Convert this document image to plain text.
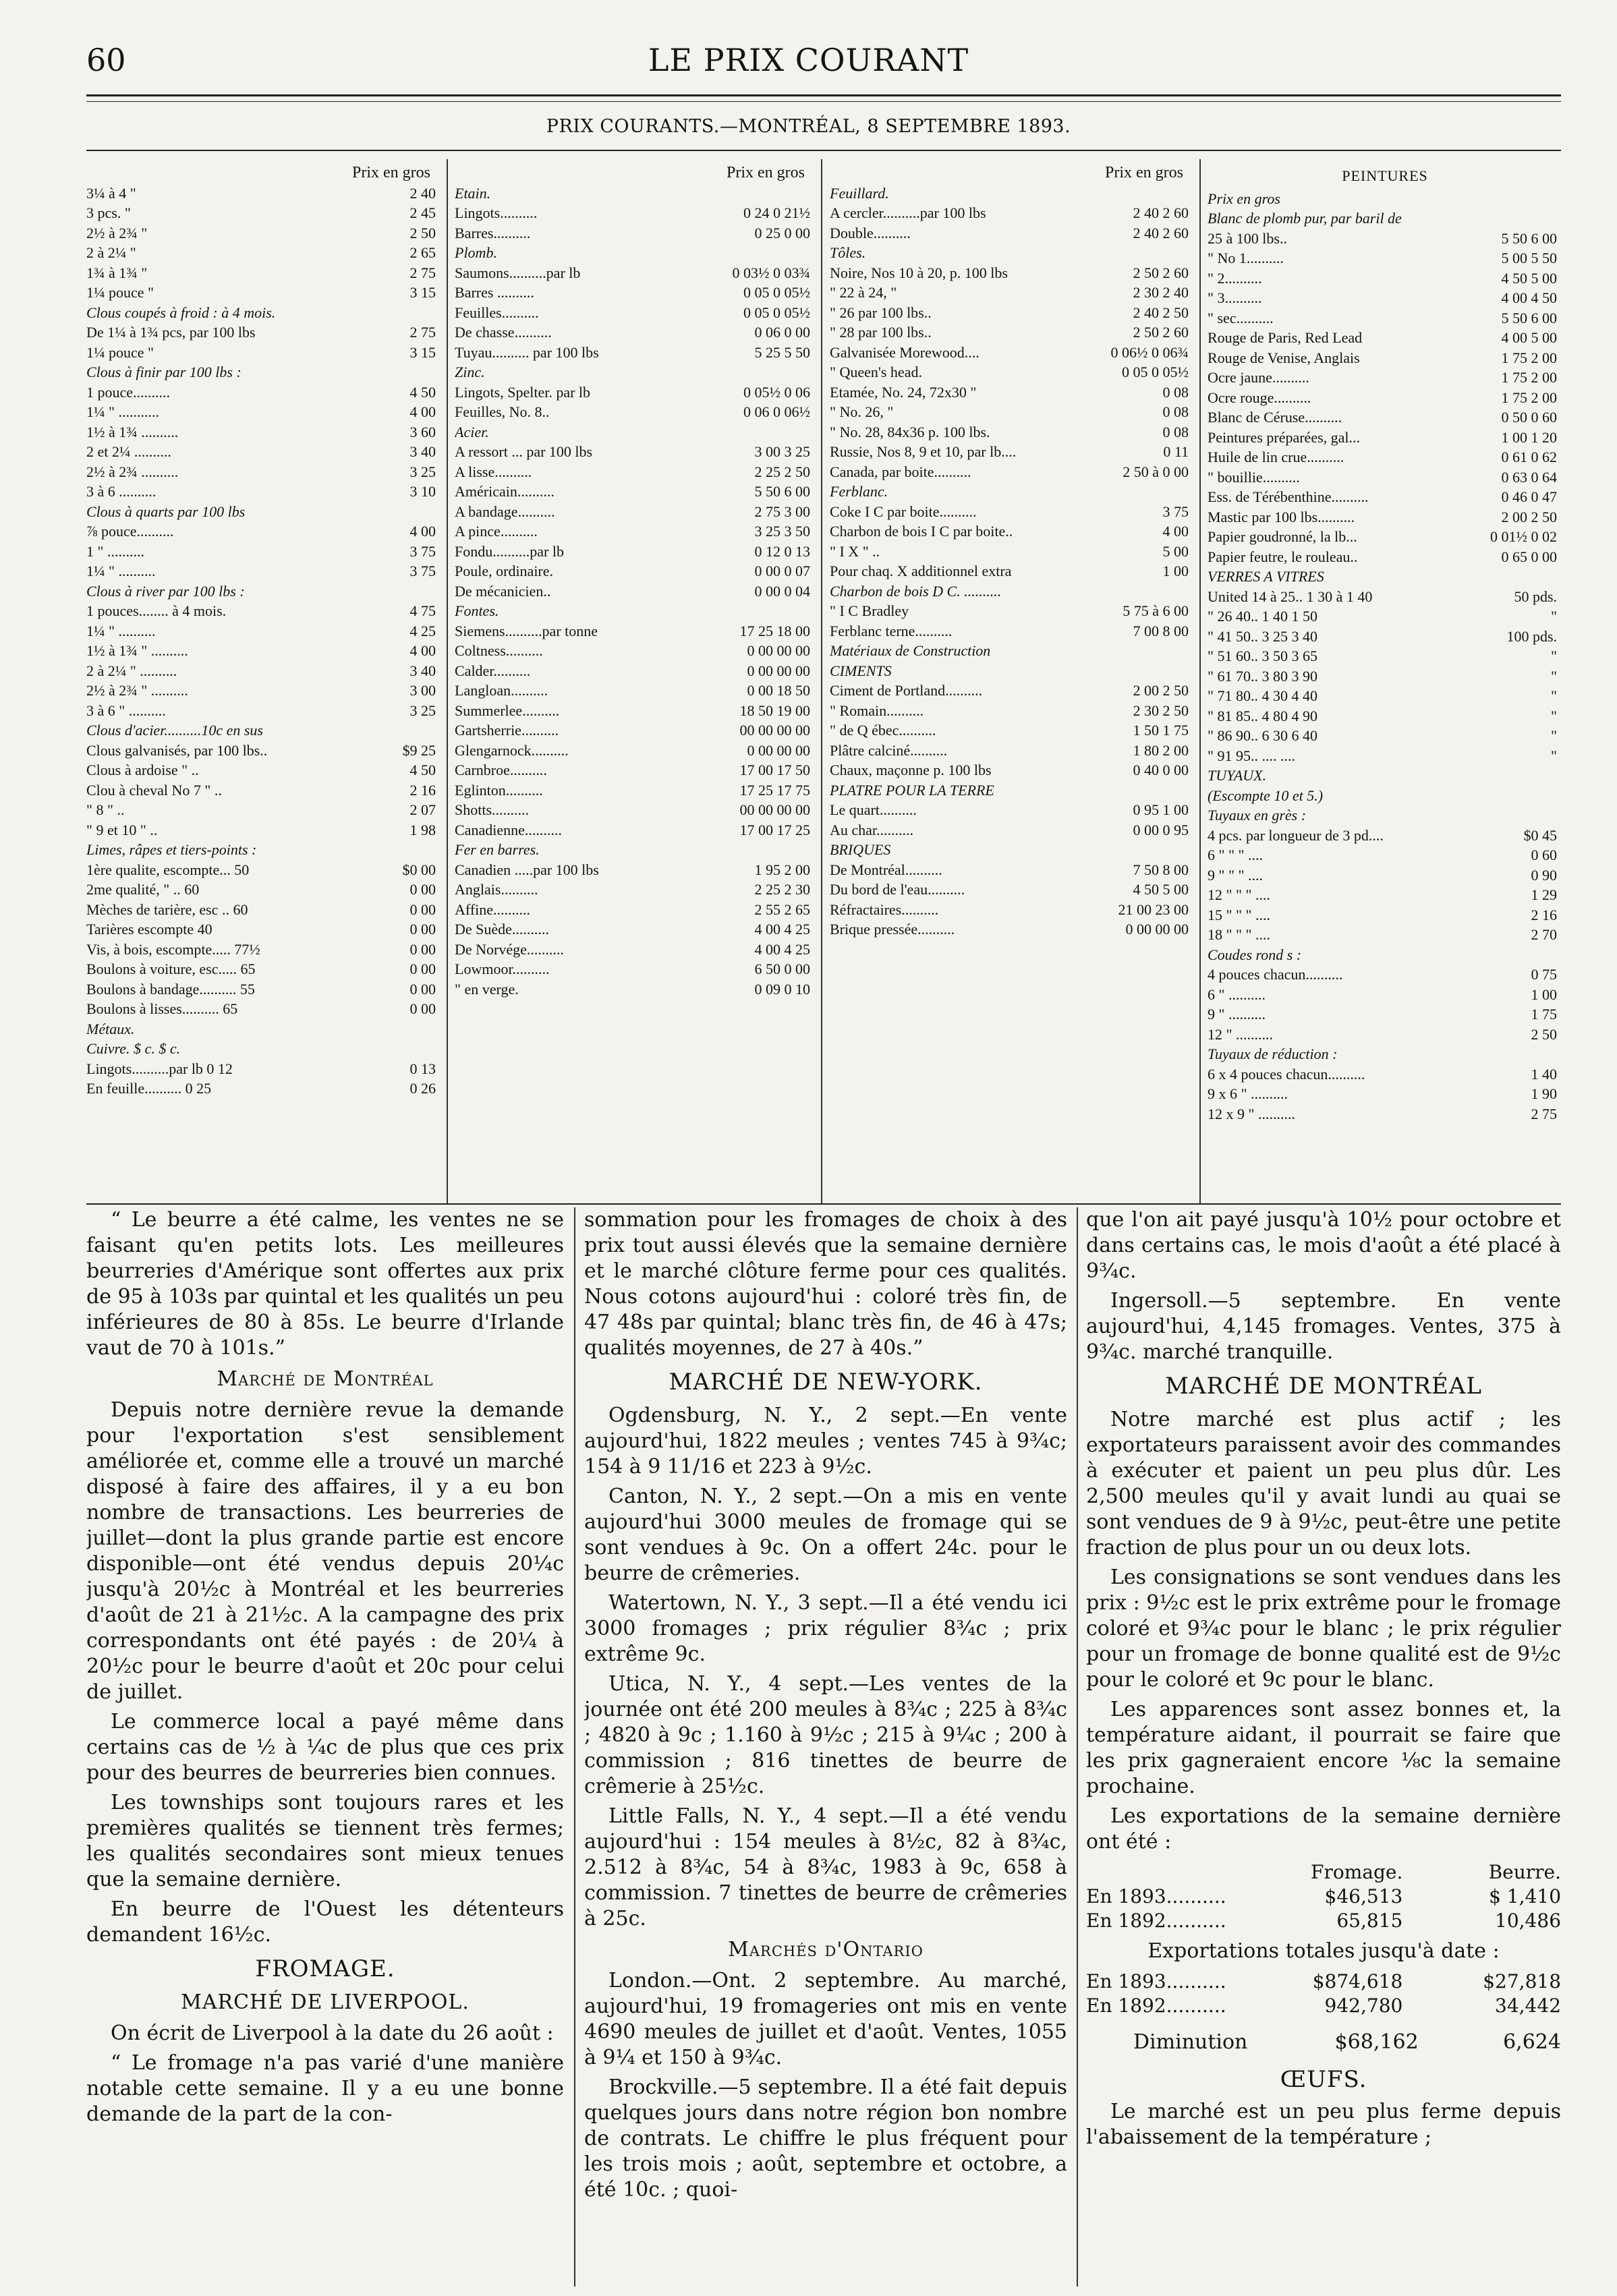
60	LE PRIX COURANT
PRIX COURANTS.—MONTRÉAL, 8 SEPTEMBRE 1893.
Prix en gros
3¼ à 4 "	2 40
3 pcs. "	2 45
2½ à 2¾ "	2 50
2 à 2¼ "	2 65
1¾ à 1¾ "	2 75
1¼ pouce "	3 15
Clous coupés à froid : à 4 mois.
De 1¼ à 1¾ pcs, par 100 lbs	2 75
1¼ pouce "	3 15
Clous à finir par 100 lbs :
1 pouce..........	4 50
1¼ " ...........	4 00
1½ à 1¾ ..........	3 60
2 et 2¼ ..........	3 40
2½ à 2¾ ..........	3 25
3 à 6 ..........	3 10
Clous à quarts par 100 lbs
⅞ pouce..........	4 00
1 " ..........	3 75
1¼ " ..........	3 75
Clous à river par 100 lbs :
1 pouces........ à 4 mois.	4 75
1¼ " ..........	4 25
1½ à 1¾ " ..........	4 00
2 à 2¼ " ..........	3 40
2½ à 2¾ " ..........	3 00
3 à 6 " ..........	3 25
Clous d'acier..........10c en sus
Clous galvanisés, par 100 lbs..	$9 25
Clous à ardoise " ..	4 50
Clou à cheval No 7 " ..	2 16
" 8 " ..	2 07
" 9 et 10 " ..	1 98
Limes, râpes et tiers-points :
1ère qualite, escompte... 50	$0 00
2me qualité, " .. 60	0 00
Mèches de tarière, esc .. 60	0 00
Tarières escompte 40	0 00
Vis, à bois, escompte..... 77½	0 00
Boulons à voiture, esc..... 65	0 00
Boulons à bandage.......... 55	0 00
Boulons à lisses.......... 65	0 00
Métaux.
Cuivre. $ c. $ c.
Lingots..........par lb 0 12	0 13
En feuille.......... 0 25	0 26
Prix en gros
Etain.
Lingots..........	0 24 0 21½
Barres..........	0 25 0 00
Plomb.
Saumons..........par lb	0 03½ 0 03¾
Barres ..........	0 05 0 05½
Feuilles..........	0 05 0 05½
De chasse..........	0 06 0 00
Tuyau.......... par 100 lbs	5 25 5 50
Zinc.
Lingots, Spelter. par lb	0 05½ 0 06
Feuilles, No. 8..	0 06 0 06½
Acier.
A ressort ... par 100 lbs	3 00 3 25
A lisse..........	2 25 2 50
Américain..........	5 50 6 00
A bandage..........	2 75 3 00
A pince..........	3 25 3 50
Fondu..........par lb	0 12 0 13
Poule, ordinaire.	0 00 0 07
De mécanicien..	0 00 0 04
Fontes.
Siemens..........par tonne	17 25 18 00
Coltness..........	0 00 00 00
Calder..........	0 00 00 00
Langloan..........	0 00 18 50
Summerlee..........	18 50 19 00
Gartsherrie..........	00 00 00 00
Glengarnock..........	0 00 00 00
Carnbroe..........	17 00 17 50
Eglinton..........	17 25 17 75
Shotts..........	00 00 00 00
Canadienne..........	17 00 17 25
Fer en barres.
Canadien .....par 100 lbs	1 95 2 00
Anglais..........	2 25 2 30
Affine..........	2 55 2 65
De Suède..........	4 00 4 25
De Norvége..........	4 00 4 25
Lowmoor..........	6 50 0 00
" en verge.	0 09 0 10
Prix en gros
Feuillard.
A cercler..........par 100 lbs	2 40 2 60
Double..........	2 40 2 60
Tôles.
Noire, Nos 10 à 20, p. 100 lbs	2 50 2 60
" 22 à 24, "	2 30 2 40
" 26 par 100 lbs..	2 40 2 50
" 28 par 100 lbs..	2 50 2 60
Galvanisée Morewood....	0 06½ 0 06¾
" Queen's head.	0 05 0 05½
Etamée, No. 24, 72x30 "	0 08
" No. 26, "	0 08
" No. 28, 84x36 p. 100 lbs.	0 08
Russie, Nos 8, 9 et 10, par lb....	0 11
Canada, par boite..........	2 50 à 0 00
Ferblanc.
Coke I C par boite..........	3 75
Charbon de bois I C par boite..	4 00
" I X " ..	5 00
Pour chaq. X additionnel extra	1 00
Charbon de bois D C. ..........
" I C Bradley	5 75 à 6 00
Ferblanc terne..........	7 00 8 00
Matériaux de Construction
CIMENTS
Ciment de Portland..........	2 00 2 50
" Romain..........	2 30 2 50
" de Q ébec..........	1 50 1 75
Plâtre calciné..........	1 80 2 00
Chaux, maçonne p. 100 lbs	0 40 0 00
PLATRE POUR LA TERRE
Le quart..........	0 95 1 00
Au char..........	0 00 0 95
BRIQUES
De Montréal..........	7 50 8 00
Du bord de l'eau..........	4 50 5 00
Réfractaires..........	21 00 23 00
Brique pressée..........	0 00 00 00
PEINTURES
Prix en gros
Blanc de plomb pur, par baril de
25 à 100 lbs..	5 50 6 00
" No 1..........	5 00 5 50
" 2..........	4 50 5 00
" 3..........	4 00 4 50
" sec..........	5 50 6 00
Rouge de Paris, Red Lead	4 00 5 00
Rouge de Venise, Anglais	1 75 2 00
Ocre jaune..........	1 75 2 00
Ocre rouge..........	1 75 2 00
Blanc de Céruse..........	0 50 0 60
Peintures préparées, gal...	1 00 1 20
Huile de lin crue..........	0 61 0 62
" bouillie..........	0 63 0 64
Ess. de Térébenthine..........	0 46 0 47
Mastic par 100 lbs..........	2 00 2 50
Papier goudronné, la lb...	0 01½ 0 02
Papier feutre, le rouleau..	0 65 0 00
VERRES A VITRES
United 14 à 25.. 1 30 à 1 40	50 pds.
" 26 40.. 1 40 1 50	"
" 41 50.. 3 25 3 40	100 pds.
" 51 60.. 3 50 3 65	"
" 61 70.. 3 80 3 90	"
" 71 80.. 4 30 4 40	"
" 81 85.. 4 80 4 90	"
" 86 90.. 6 30 6 40	"
" 91 95.. .... ....	"
TUYAUX.
(Escompte 10 et 5.)
Tuyaux en grès :
4 pcs. par longueur de 3 pd....	$0 45
6 " " " ....	0 60
9 " " " ....	0 90
12 " " " ....	1 29
15 " " " ....	2 16
18 " " " ....	2 70
Coudes rond s :
4 pouces chacun..........	0 75
6 " ..........	1 00
9 " ..........	1 75
12 " ..........	2 50
Tuyaux de réduction :
6 x 4 pouces chacun..........	1 40
9 x 6 " ..........	1 90
12 x 9 " ..........	2 75

“ Le beurre a été calme, les ventes ne se faisant qu'en petits lots. Les meilleures beurreries d'Amérique sont offertes aux prix de 95 à 103s par quintal et les qualités un peu inférieures de 80 à 85s. Le beurre d'Irlande vaut de 70 à 101s.”

Marché de Montréal

Depuis notre dernière revue la demande pour l'exportation s'est sensiblement améliorée et, comme elle a trouvé un marché disposé à faire des affaires, il y a eu bon nombre de transactions. Les beurreries de juillet—dont la plus grande partie est encore disponible—ont été vendus depuis 20¼c jusqu'à 20½c à Montréal et les beurreries d'août de 21 à 21½c. A la campagne des prix correspondants ont été payés : de 20¼ à 20½c pour le beurre d'août et 20c pour celui de juillet.

Le commerce local a payé même dans certains cas de ½ à ¼c de plus que ces prix pour des beurres de beurreries bien connues.

Les townships sont toujours rares et les premières qualités se tiennent très fermes; les qualités secondaires sont mieux tenues que la semaine dernière.

En beurre de l'Ouest les détenteurs demandent 16½c.

FROMAGE.
MARCHÉ DE LIVERPOOL.

On écrit de Liverpool à la date du 26 août :

“ Le fromage n'a pas varié d'une manière notable cette semaine. Il y a eu une bonne demande de la part de la con-

sommation pour les fromages de choix à des prix tout aussi élevés que la semaine dernière et le marché clôture ferme pour ces qualités. Nous cotons aujourd'hui : coloré très fin, de 47 48s par quintal; blanc très fin, de 46 à 47s; qualités moyennes, de 27 à 40s.”

MARCHÉ DE NEW-YORK.

Ogdensburg, N. Y., 2 sept.—En vente aujourd'hui, 1822 meules ; ventes 745 à 9¾c; 154 à 9 11/16 et 223 à 9½c.

Canton, N. Y., 2 sept.—On a mis en vente aujourd'hui 3000 meules de fromage qui se sont vendues à 9c. On a offert 24c. pour le beurre de crêmeries.

Watertown, N. Y., 3 sept.—Il a été vendu ici 3000 fromages ; prix régulier 8¾c ; prix extrême 9c.

Utica, N. Y., 4 sept.—Les ventes de la journée ont été 200 meules à 8¾c ; 225 à 8¾c ; 4820 à 9c ; 1.160 à 9½c ; 215 à 9¼c ; 200 à commission ; 816 tinettes de beurre de crêmerie à 25½c.

Little Falls, N. Y., 4 sept.—Il a été vendu aujourd'hui : 154 meules à 8½c, 82 à 8¾c, 2.512 à 8¾c, 54 à 8¾c, 1983 à 9c, 658 à commission. 7 tinettes de beurre de crêmeries à 25c.

Marchés d'Ontario

London.—Ont. 2 septembre. Au marché, aujourd'hui, 19 fromageries ont mis en vente 4690 meules de juillet et d'août. Ventes, 1055 à 9¼ et 150 à 9¾c.

Brockville.—5 septembre. Il a été fait depuis quelques jours dans notre région bon nombre de contrats. Le chiffre le plus fréquent pour les trois mois ; août, septembre et octobre, a été 10c. ; quoi-

que l'on ait payé jusqu'à 10½ pour octobre et dans certains cas, le mois d'août a été placé à 9¾c.

Ingersoll.—5 septembre. En vente aujourd'hui, 4,145 fromages. Ventes, 375 à 9¾c. marché tranquille.

MARCHÉ DE MONTRÉAL

Notre marché est plus actif ; les exportateurs paraissent avoir des commandes à exécuter et paient un peu plus dûr. Les 2,500 meules qu'il y avait lundi au quai se sont vendues de 9 à 9½c, peut-être une petite fraction de plus pour un ou deux lots.

Les consignations se sont vendues dans les prix : 9½c est le prix extrême pour le fromage coloré et 9¾c pour le blanc ; le prix régulier pour un fromage de bonne qualité est de 9½c pour le coloré et 9c pour le blanc.

Les apparences sont assez bonnes et, la température aidant, il pourrait se faire que les prix gagneraient encore ⅛c la semaine prochaine.

Les exportations de la semaine dernière ont été :

Fromage.	Beurre.
En 1893..........	$46,513	$ 1,410
En 1892..........	65,815	10,486
Exportations totales jusqu'à date :
En 1893..........	$874,618	$27,818
En 1892..........	942,780	34,442
Diminution	$68,162	6,624
ŒUFS.

Le marché est un peu plus ferme depuis l'abaissement de la température ;
